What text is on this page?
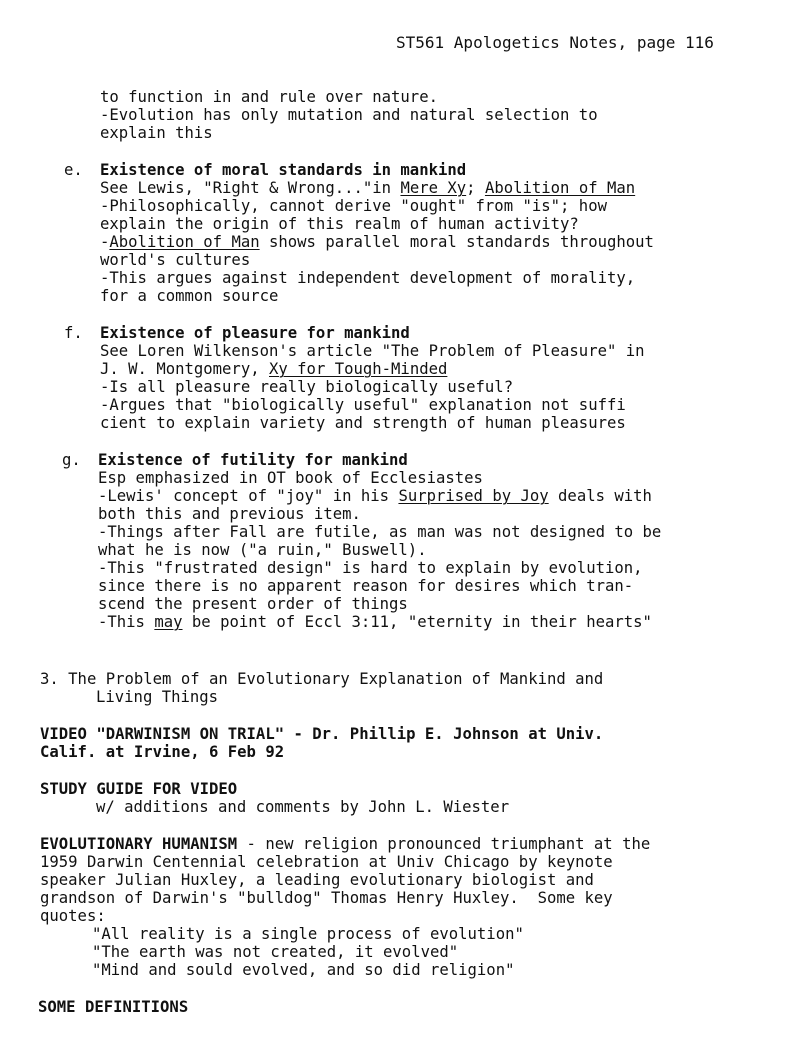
ST561 Apologetics Notes, page 116
to function in and rule over nature.
-Evolution has only mutation and natural selection to
explain this
e. Existence of moral standards in mankind
See Lewis, "Right & Wrong..."in Mere Xy; Abolition of Man
-Philosophically, cannot derive "ought" from "is"; how
explain the origin of this realm of human activity?
-Abolition of Man shows parallel moral standards throughout
world's cultures
-This argues against independent development of morality,
for a common source
f. Existence of pleasure for mankind
See Loren Wilkenson's article "The Problem of Pleasure" in
J. W. Montgomery, Xy for Tough-Minded
-Is all pleasure really biologically useful?
-Argues that "biologically useful" explanation not suffi
cient to explain variety and strength of human pleasures
g. Existence of futility for mankind
Esp emphasized in OT book of Ecclesiastes
-Lewis' concept of "joy" in his Surprised by Joy deals with
both this and previous item.
-Things after Fall are futile, as man was not designed to be
what he is now ("a ruin," Buswell).
-This "frustrated design" is hard to explain by evolution,
since there is no apparent reason for desires which tran-
scend the present order of things
-This may be point of Eccl 3:11, "eternity in their hearts"
3. The Problem of an Evolutionary Explanation of Mankind and
Living Things
VIDEO "DARWINISM ON TRIAL" - Dr. Phillip E. Johnson at Univ.
Calif. at Irvine, 6 Feb 92
STUDY GUIDE FOR VIDEO
w/ additions and comments by John L. Wiester
EVOLUTIONARY HUMANISM - new religion pronounced triumphant at the
1959 Darwin Centennial celebration at Univ Chicago by keynote
speaker Julian Huxley, a leading evolutionary biologist and
grandson of Darwin's "bulldog" Thomas Henry Huxley.  Some key
quotes:
"All reality is a single process of evolution"
"The earth was not created, it evolved"
"Mind and sould evolved, and so did religion"
SOME DEFINITIONS
